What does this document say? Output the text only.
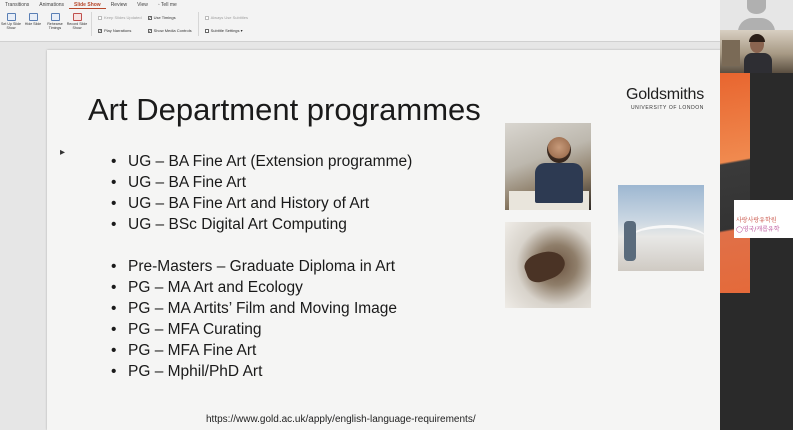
Transitions	Animations	Slide Show	Review	View	◦ Tell me
Set Up Slide Show
Hide Slide	Rehearse Timings
Record Slide Show
Keep Slides Updated
✓ Play Narrations
✓ Use Timings
✓ Show Media Controls
Always Use Subtitles
Subtitle Settings ▾
Art Department programmes	Goldsmiths
UNIVERSITY OF LONDON
▸
• UG – BA Fine Art (Extension programme)
• UG – BA Fine Art
• UG – BA Fine Art and History of Art
• UG – BSc Digital Art Computing
• Pre-Masters – Graduate Diploma in Art
• PG – MA Art and Ecology
• PG – MA Artits’ Film and Moving Image
• PG – MFA Curating
• PG – MFA Fine Art
• PG – Mphil/PhD Art
https://www.gold.ac.uk/apply/english-language-requirements/
사랑사랑유학원
◯영국/캐롭유학
